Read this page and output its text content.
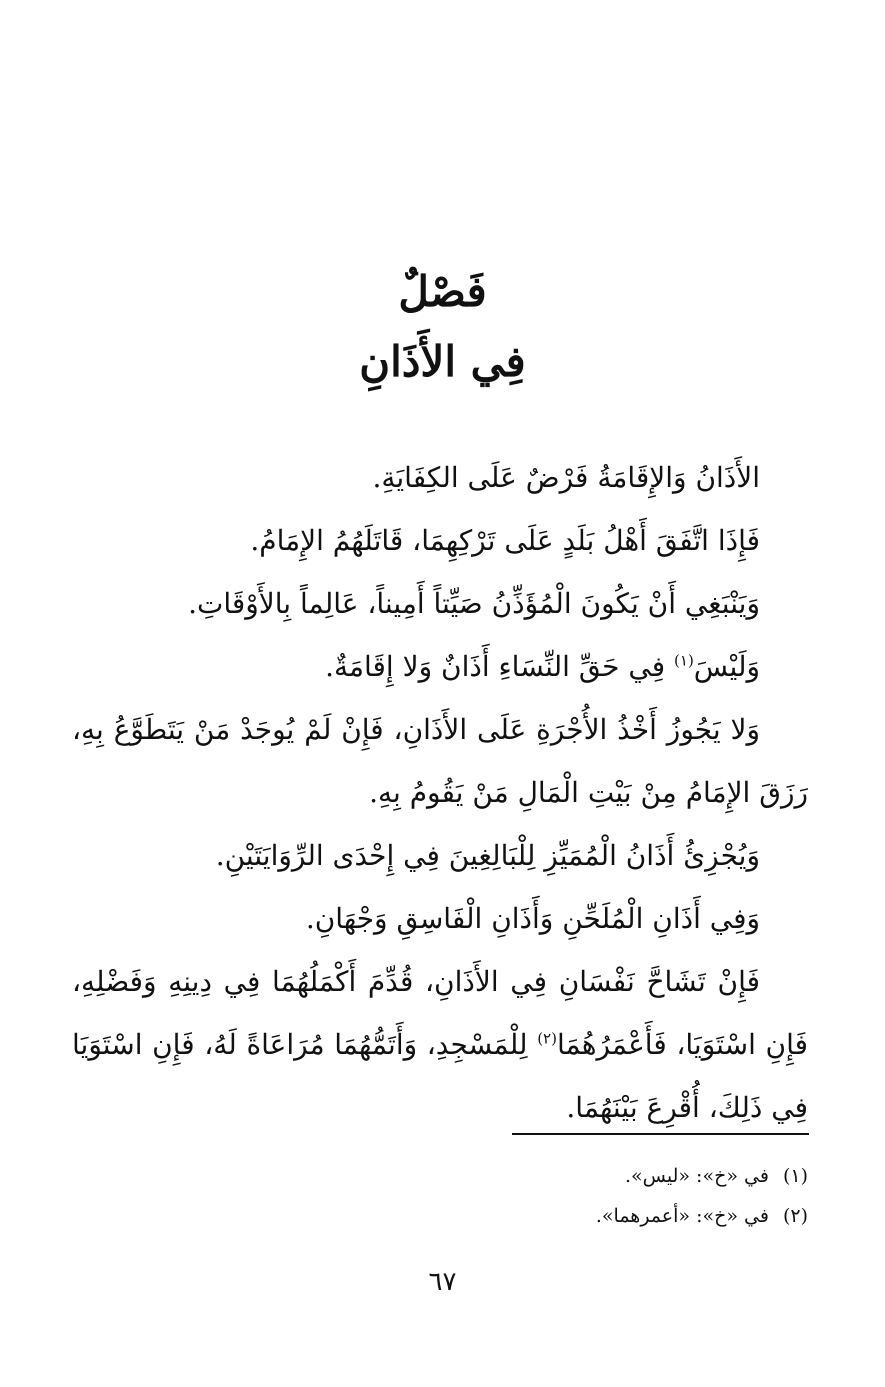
فَصْلٌ
فِي الأَذَانِ

الأَذَانُ وَالإِقَامَةُ فَرْضٌ عَلَى الكِفَايَةِ.

فَإِذَا اتَّفَقَ أَهْلُ بَلَدٍ عَلَى تَرْكِهِمَا، قَاتَلَهُمُ الإِمَامُ.

وَيَنْبَغِي أَنْ يَكُونَ الْمُؤَذِّنُ صَيِّتاً أَمِيناً، عَالِماً بِالأَوْقَاتِ.

وَلَيْسَ$^{(١)}$ فِي حَقِّ النِّسَاءِ أَذَانٌ وَلا إِقَامَةٌ.

وَلا يَجُوزُ أَخْذُ الأُجْرَةِ عَلَى الأَذَانِ، فَإِنْ لَمْ يُوجَدْ مَنْ يَتَطَوَّعُ بِهِ، رَزَقَ الإِمَامُ مِنْ بَيْتِ الْمَالِ مَنْ يَقُومُ بِهِ.

وَيُجْزِئُ أَذَانُ الْمُمَيِّزِ لِلْبَالِغِينَ فِي إِحْدَى الرِّوَايَتَيْنِ.

وَفِي أَذَانِ الْمُلَحِّنِ وَأَذَانِ الْفَاسِقِ وَجْهَانِ.

فَإِنْ تَشَاحَّ نَفْسَانِ فِي الأَذَانِ، قُدِّمَ أَكْمَلُهُمَا فِي دِينِهِ وَفَضْلِهِ، فَإِنِ اسْتَوَيَا، فَأَعْمَرُهُمَا$^{(٢)}$ لِلْمَسْجِدِ، وَأَتَمُّهُمَا مُرَاعَاةً لَهُ، فَإِنِ اسْتَوَيَا فِي ذَلِكَ، أُقْرِعَ بَيْنَهُمَا.

(١)
في «خ»: «ليس».

(٢)
في «خ»: «أعمرهما».

٦٧
